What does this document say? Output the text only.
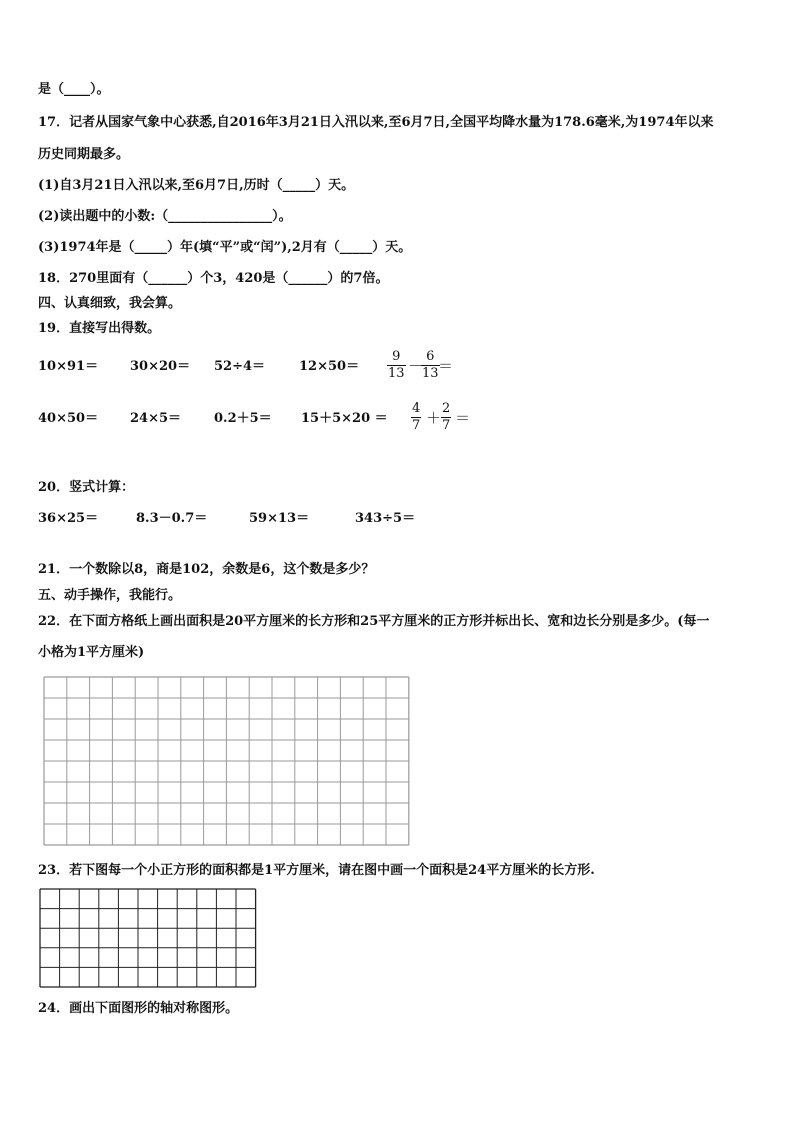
是（____）。
17．记者从国家气象中心获悉,自2016年3月21日入汛以来,至6月7日,全国平均降水量为178.6毫米,为1974年以来
历史同期最多。
(1)自3月21日入汛以来,至6月7日,历时（_____）天。
(2)读出题中的小数:（________________）。
(3)1974年是（_____）年(填“平”或“闰”),2月有（_____）天。
18．270里面有（______）个3，420是（______）的7倍。
四、认真细致，我会算。
19．直接写出得数。
10×91＝ 30×20＝ 52÷4＝	12×50＝
9
13 －
6
13 ＝
40×50＝ 24×5＝	0.2＋5＝ 15＋5×20 ＝
4
7 ＋
2
7 ＝
20．竖式计算：
36×25＝	8.3－0.7＝	59×13＝	343÷5＝
21．一个数除以8，商是102，余数是6，这个数是多少？
五、动手操作，我能行。
22．在下面方格纸上画出面积是20平方厘米的长方形和25平方厘米的正方形并标出长、宽和边长分别是多少。(每一
小格为1平方厘米)
23．若下图每一个小正方形的面积都是1平方厘米，请在图中画一个面积是24平方厘米的长方形.
24．画出下面图形的轴对称图形。
